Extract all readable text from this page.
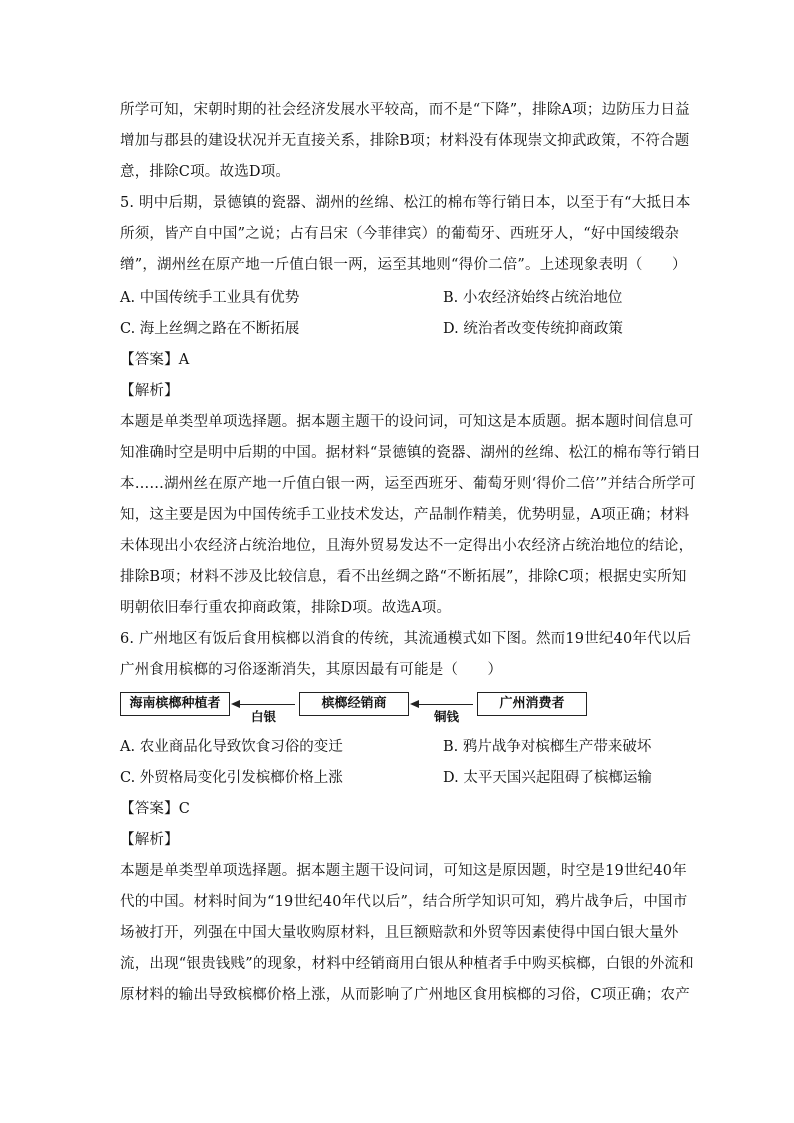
所学可知，宋朝时期的社会经济发展水平较高，而不是“下降”，排除A项；边防压力日益
增加与郡县的建设状况并无直接关系，排除B项；材料没有体现崇文抑武政策，不符合题
意，排除C项。故选D项。
5. 明中后期，景德镇的瓷器、湖州的丝绵、松江的棉布等行销日本，以至于有“大抵日本
所须，皆产自中国”之说；占有吕宋（今菲律宾）的葡萄牙、西班牙人，“好中国绫缎杂
缯”，湖州丝在原产地一斤值白银一两，运至其地则“得价二倍”。上述现象表明（　　）
A. 中国传统手工业具有优势	B. 小农经济始终占统治地位
C. 海上丝绸之路在不断拓展	D. 统治者改变传统抑商政策
【答案】A
【解析】
本题是单类型单项选择题。据本题主题干的设问词，可知这是本质题。据本题时间信息可
知准确时空是明中后期的中国。据材料“景德镇的瓷器、湖州的丝绵、松江的棉布等行销日
本……湖州丝在原产地一斤值白银一两，运至西班牙、葡萄牙则‘得价二倍’”并结合所学可
知，这主要是因为中国传统手工业技术发达，产品制作精美，优势明显，A项正确；材料
未体现出小农经济占统治地位，且海外贸易发达不一定得出小农经济占统治地位的结论，
排除B项；材料不涉及比较信息，看不出丝绸之路“不断拓展”，排除C项；根据史实所知
明朝依旧奉行重农抑商政策，排除D项。故选A项。
6. 广州地区有饭后食用槟榔以消食的传统，其流通模式如下图。然而19世纪40年代以后
广州食用槟榔的习俗逐渐消失，其原因最有可能是（　　）
海南槟榔种植者
白银
槟榔经销商
铜钱
广州消费者
A. 农业商品化导致饮食习俗的变迁	B. 鸦片战争对槟榔生产带来破坏
C. 外贸格局变化引发槟榔价格上涨	D. 太平天国兴起阻碍了槟榔运输
【答案】C
【解析】
本题是单类型单项选择题。据本题主题干设问词，可知这是原因题，时空是19世纪40年
代的中国。材料时间为“19世纪40年代以后”，结合所学知识可知，鸦片战争后，中国市
场被打开，列强在中国大量收购原材料，且巨额赔款和外贸等因素使得中国白银大量外
流，出现“银贵钱贱”的现象，材料中经销商用白银从种植者手中购买槟榔，白银的外流和
原材料的输出导致槟榔价格上涨，从而影响了广州地区食用槟榔的习俗，C项正确；农产
